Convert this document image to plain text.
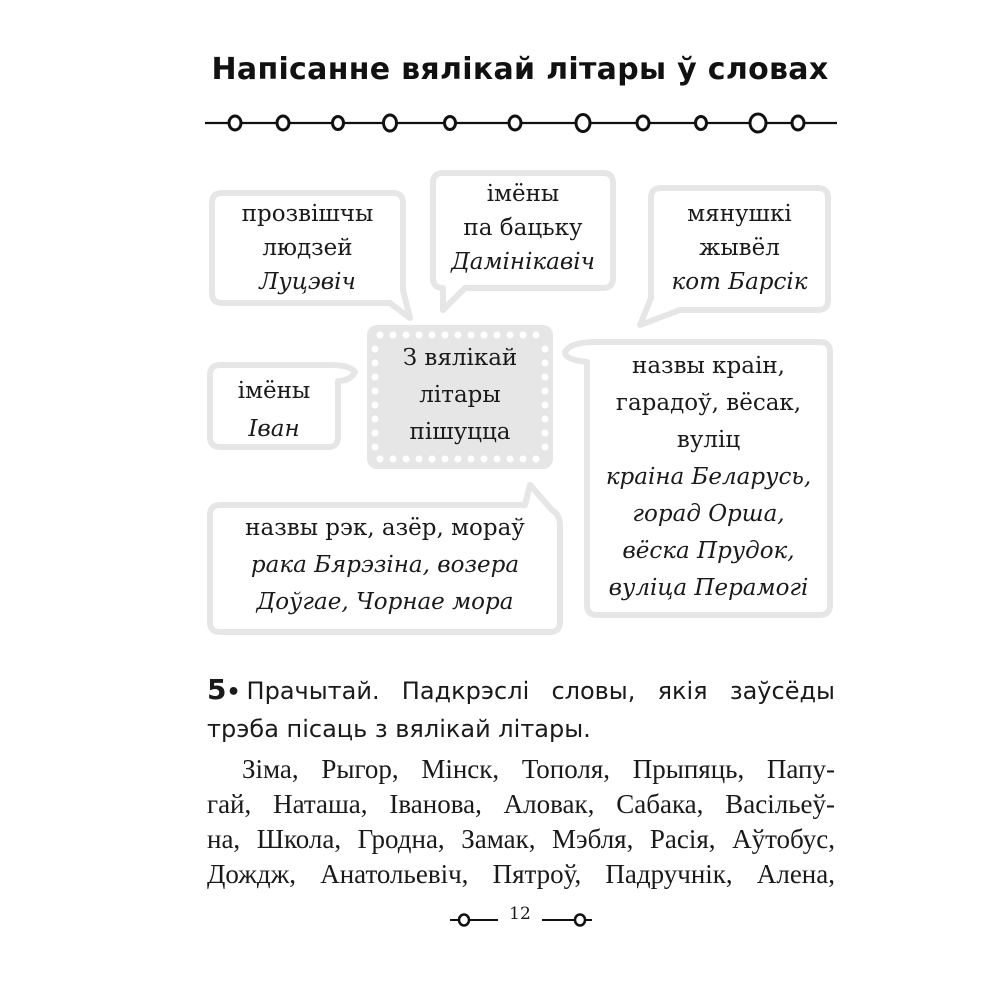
Напісанне вялікай літары ў словах
З вялікай
літары
пішуцца
прозвішчы
людзей
Луцэвіч
імёны
па бацьку
Дамінікавіч
мянушкі
жывёл
кот Барсік
імёны
Іван
назвы краін,
гарадоў, вёсак,
вуліц
краіна Беларусь,
горад Орша,
вёска Прудок,
вуліца Перамогі
назвы рэк, азёр, мораў
рака Бярэзіна, возера
Доўгае, Чорнае мора
5• Прачытай. Падкрэслі словы, якія заўсёды
трэба пісаць з вялікай літары.
Зіма, Рыгор, Мінск, Тополя, Прыпяць, Папу-
гай, Наташа, Іванова, Аловак, Сабака, Васільеў-
на, Школа, Гродна, Замак, Мэбля, Расія, Аўтобус,
Дождж, Анатольевіч, Пятроў, Падручнік, Алена,
12
